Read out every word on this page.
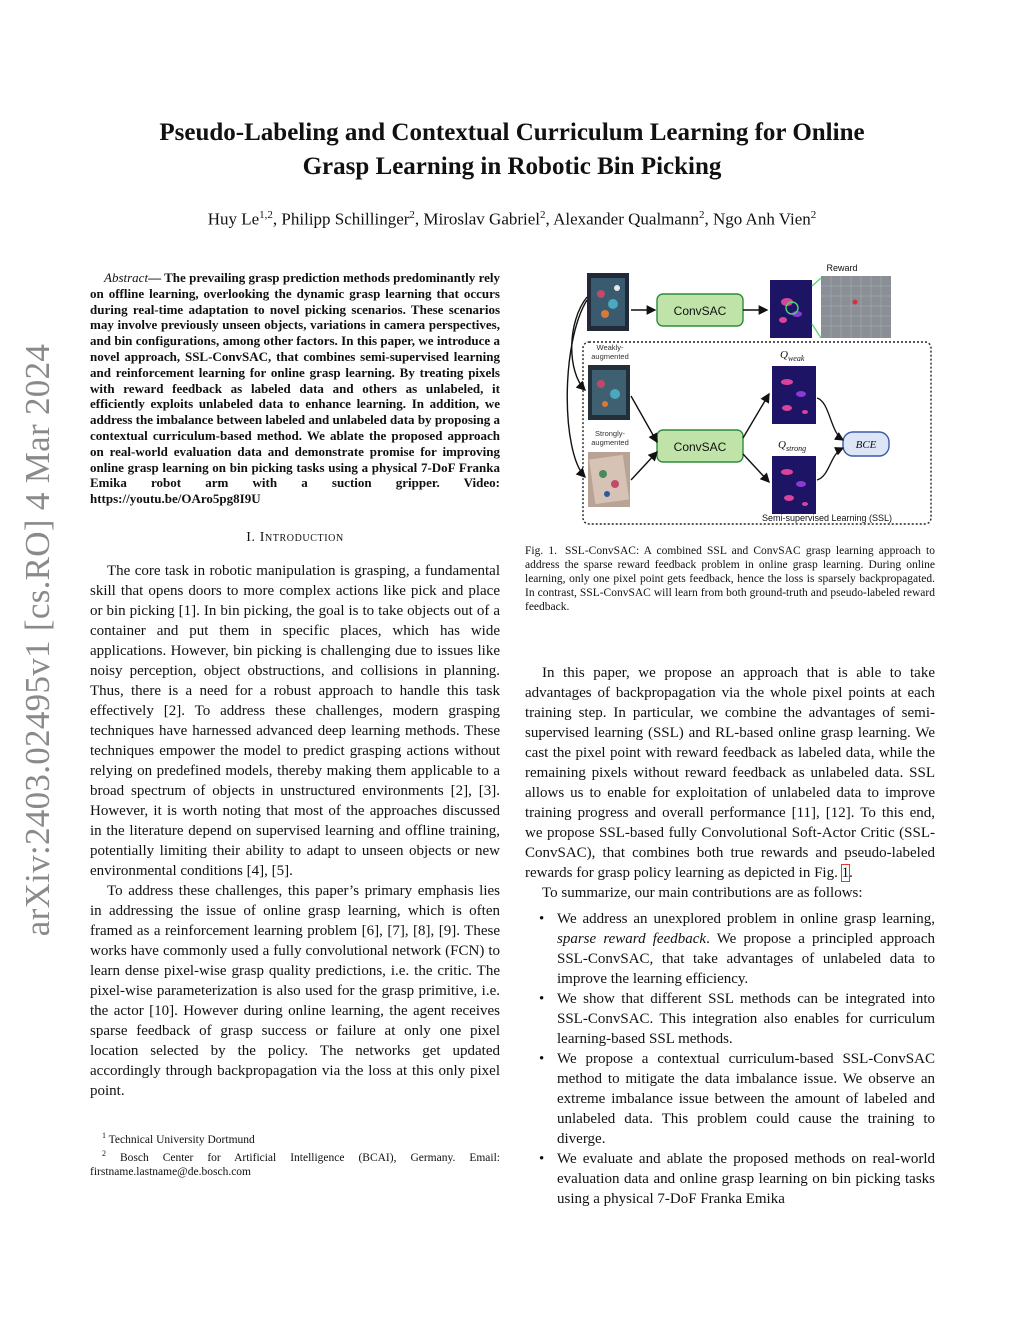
arXiv:2403.02495v1 [cs.RO] 4 Mar 2024
Pseudo-Labeling and Contextual Curriculum Learning for Online
Grasp Learning in Robotic Bin Picking
Huy Le$^{1,2}$, Philipp Schillinger$^2$, Miroslav Gabriel$^2$, Alexander Qualmann$^2$, Ngo Anh Vien$^2$

Abstract— The prevailing grasp prediction methods predominantly rely on offline learning, overlooking the dynamic grasp learning that occurs during real-time adaptation to novel picking scenarios. These scenarios may involve previously unseen objects, variations in camera perspectives, and bin configurations, among other factors. In this paper, we introduce a novel approach, SSL-ConvSAC, that combines semi-supervised learning and reinforcement learning for online grasp learning. By treating pixels with reward feedback as labeled data and others as unlabeled, it efficiently exploits unlabeled data to enhance learning. In addition, we address the imbalance between labeled and unlabeled data by proposing a contextual curriculum-based method. We ablate the proposed approach on real-world evaluation data and demonstrate promise for improving online grasp learning on bin picking tasks using a physical 7-DoF Franka Emika robot arm with a suction gripper. Video: https://youtu.be/OAro5pg8I9U

I. Introduction

The core task in robotic manipulation is grasping, a fundamental skill that opens doors to more complex actions like pick and place or bin picking [1]. In bin picking, the goal is to take objects out of a container and put them in specific places, which has wide applications. However, bin picking is challenging due to issues like noisy perception, object obstructions, and collisions in planning. Thus, there is a need for a robust approach to handle this task effectively [2]. To address these challenges, modern grasping techniques have harnessed advanced deep learning methods. These techniques empower the model to predict grasping actions without relying on predefined models, thereby making them applicable to a broad spectrum of objects in unstructured environments [2], [3]. However, it is worth noting that most of the approaches discussed in the literature depend on supervised learning and offline training, potentially limiting their ability to adapt to unseen objects or new environmental conditions [4], [5].

To address these challenges, this paper’s primary emphasis lies in addressing the issue of online grasp learning, which is often framed as a reinforcement learning problem [6], [7], [8], [9]. These works have commonly used a fully convolutional network (FCN) to learn dense pixel-wise grasp quality predictions, i.e. the critic. The pixel-wise parameterization is also used for the grasp primitive, i.e. the actor [10]. However during online learning, the agent receives sparse feedback of grasp success or failure at only one pixel location selected by the policy. The networks get updated accordingly through backpropagation via the loss at this only pixel point.

$^1$ Technical University Dortmund
$^2$ Bosch Center for Artificial Intelligence (BCAI), Germany. Email: firstname.lastname@de.bosch.com
Weakly-
augmented
Strongly-
augmented
ConvSAC
Reward
ConvSAC
$Q_{weak}$
$Q_{strong}$	BCE
Semi-supervised Learning (SSL)
Fig. 1. SSL-ConvSAC: A combined SSL and ConvSAC grasp learning approach to address the sparse reward feedback problem in online grasp learning. During online learning, only one pixel point gets feedback, hence the loss is sparsely backpropagated. In contrast, SSL-ConvSAC will learn from both ground-truth and pseudo-labeled reward feedback.

In this paper, we propose an approach that is able to take advantages of backpropagation via the whole pixel points at each training step. In particular, we combine the advantages of semi-supervised learning (SSL) and RL-based online grasp learning. We cast the pixel point with reward feedback as labeled data, while the remaining pixels without reward feedback as unlabeled data. SSL allows us to enable for exploitation of unlabeled data to improve training progress and overall performance [11], [12]. To this end, we propose SSL-based fully Convolutional Soft-Actor Critic (SSL-ConvSAC), that combines both true rewards and pseudo-labeled rewards for grasp policy learning as depicted in Fig. 1.

To summarize, our main contributions are as follows:

• We address an unexplored problem in online grasp learning, sparse reward feedback. We propose a principled approach SSL-ConvSAC, that take advantages of unlabeled data to improve the learning efficiency.
• We show that different SSL methods can be integrated into SSL-ConvSAC. This integration also enables for curriculum learning-based SSL methods.
• We propose a contextual curriculum-based SSL-ConvSAC method to mitigate the data imbalance issue. We observe an extreme imbalance issue between the amount of labeled and unlabeled data. This problem could cause the training to diverge.
• We evaluate and ablate the proposed methods on real-world evaluation data and online grasp learning on bin picking tasks using a physical 7-DoF Franka Emika
